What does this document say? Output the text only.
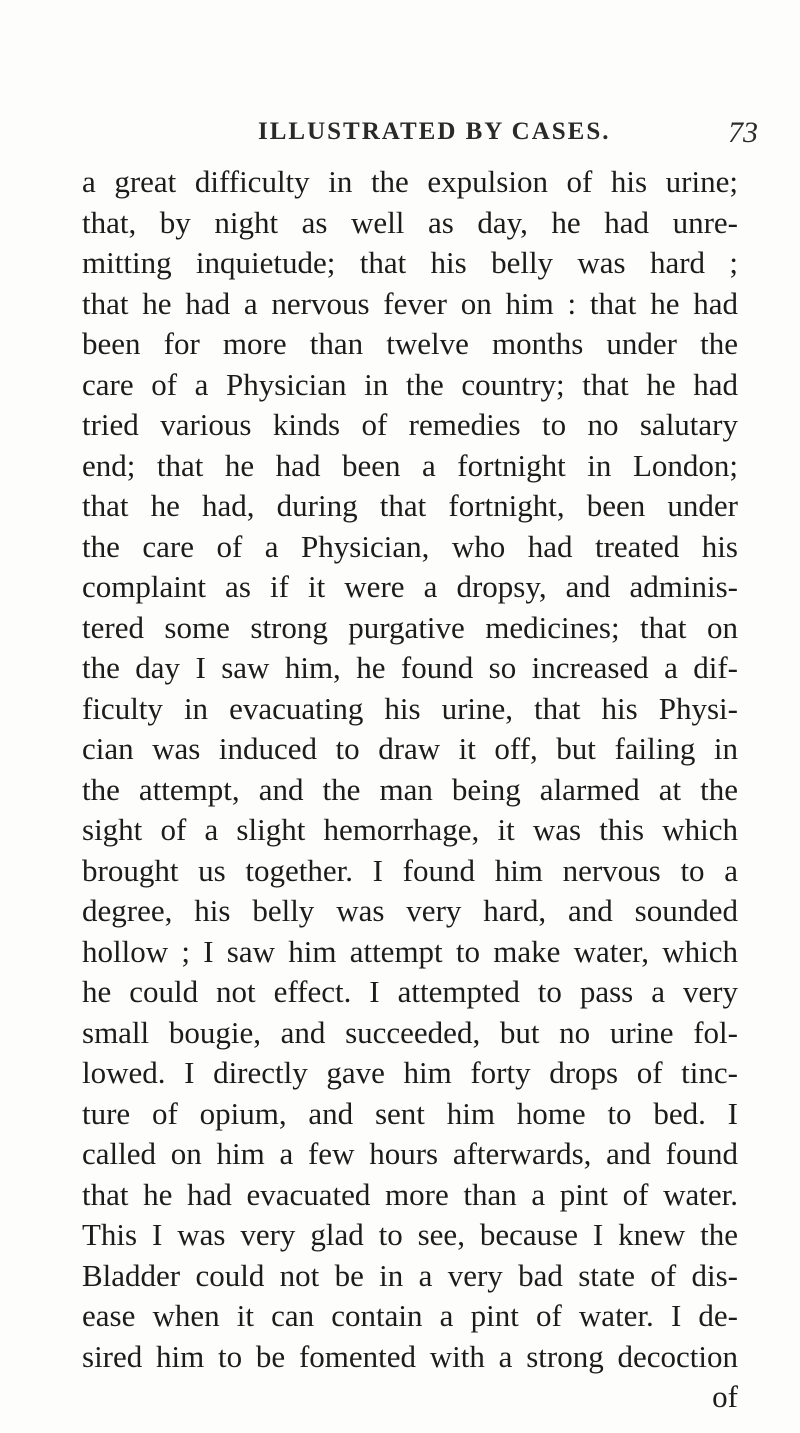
ILLUSTRATED BY CASES.	73
a great difficulty in the expulsion of his urine;
that, by night as well as day, he had unre-
mitting inquietude; that his belly was hard ;
that he had a nervous fever on him : that he had
been for more than twelve months under the
care of a Physician in the country; that he had
tried various kinds of remedies to no salutary
end; that he had been a fortnight in London;
that he had, during that fortnight, been under
the care of a Physician, who had treated his
complaint as if it were a dropsy, and adminis-
tered some strong purgative medicines; that on
the day I saw him, he found so increased a dif-
ficulty in evacuating his urine, that his Physi-
cian was induced to draw it off, but failing in
the attempt, and the man being alarmed at the
sight of a slight hemorrhage, it was this which
brought us together. I found him nervous to a
degree, his belly was very hard, and sounded
hollow ; I saw him attempt to make water, which
he could not effect. I attempted to pass a very
small bougie, and succeeded, but no urine fol-
lowed. I directly gave him forty drops of tinc-
ture of opium, and sent him home to bed. I
called on him a few hours afterwards, and found
that he had evacuated more than a pint of water.
This I was very glad to see, because I knew the
Bladder could not be in a very bad state of dis-
ease when it can contain a pint of water. I de-
sired him to be fomented with a strong decoction
of
